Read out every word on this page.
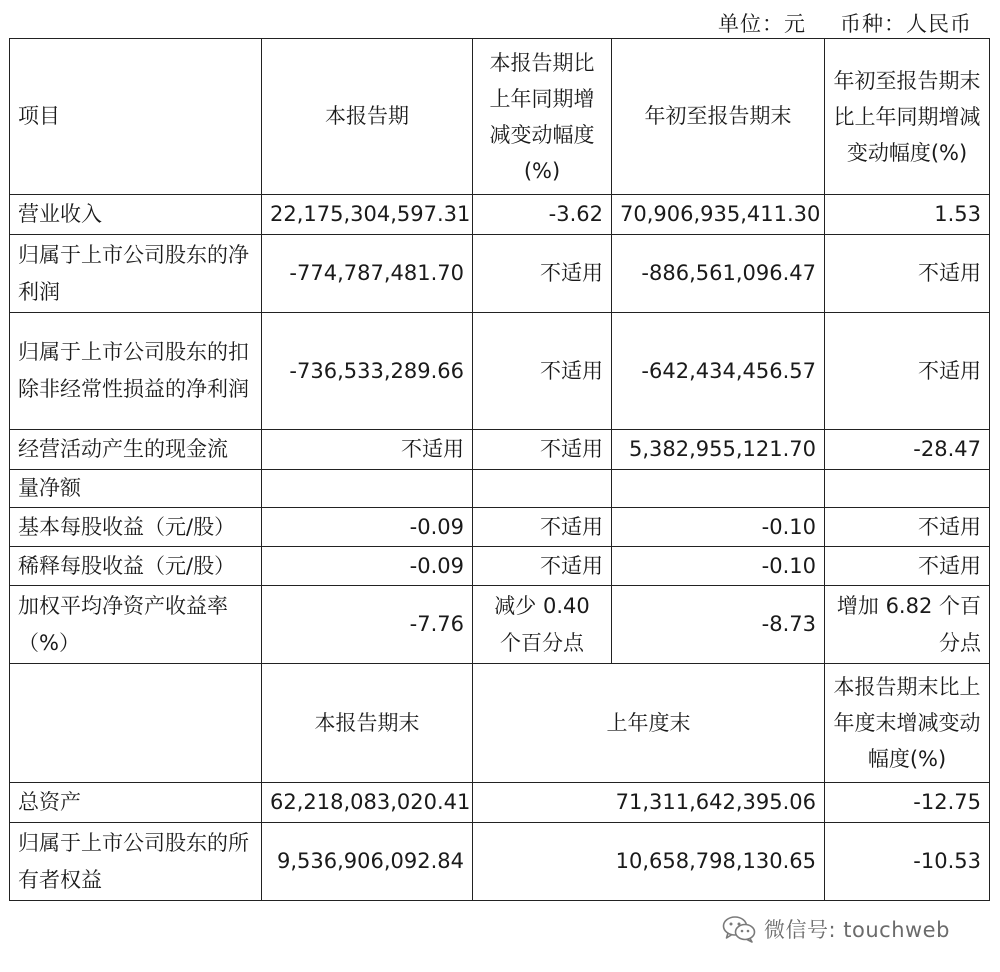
单位：元 币种：人民币
项目	本报告期	本报告期比上年同期增减变动幅度(%)	年初至报告期末	年初至报告期末比上年同期增减变动幅度(%)
营业收入	22,175,304,597.31	-3.62	70,906,935,411.30	1.53
归属于上市公司股东的净利润	-774,787,481.70	不适用	-886,561,096.47	不适用
归属于上市公司股东的扣除非经常性损益的净利润	-736,533,289.66	不适用	-642,434,456.57	不适用
经营活动产生的现金流	不适用	不适用	5,382,955,121.70	-28.47
量净额				
基本每股收益（元/股）	-0.09	不适用	-0.10	不适用
稀释每股收益（元/股）	-0.09	不适用	-0.10	不适用
加权平均净资产收益率（%）	-7.76	减少 0.40 个百分点	-8.73	增加 6.82 个百分点
	本报告期末	上年度末		本报告期末比上年度末增减变动幅度(%)
总资产	62,218,083,020.41	71,311,642,395.06		-12.75
归属于上市公司股东的所有者权益	9,536,906,092.84	10,658,798,130.65		-10.53
微信号: touchweb
